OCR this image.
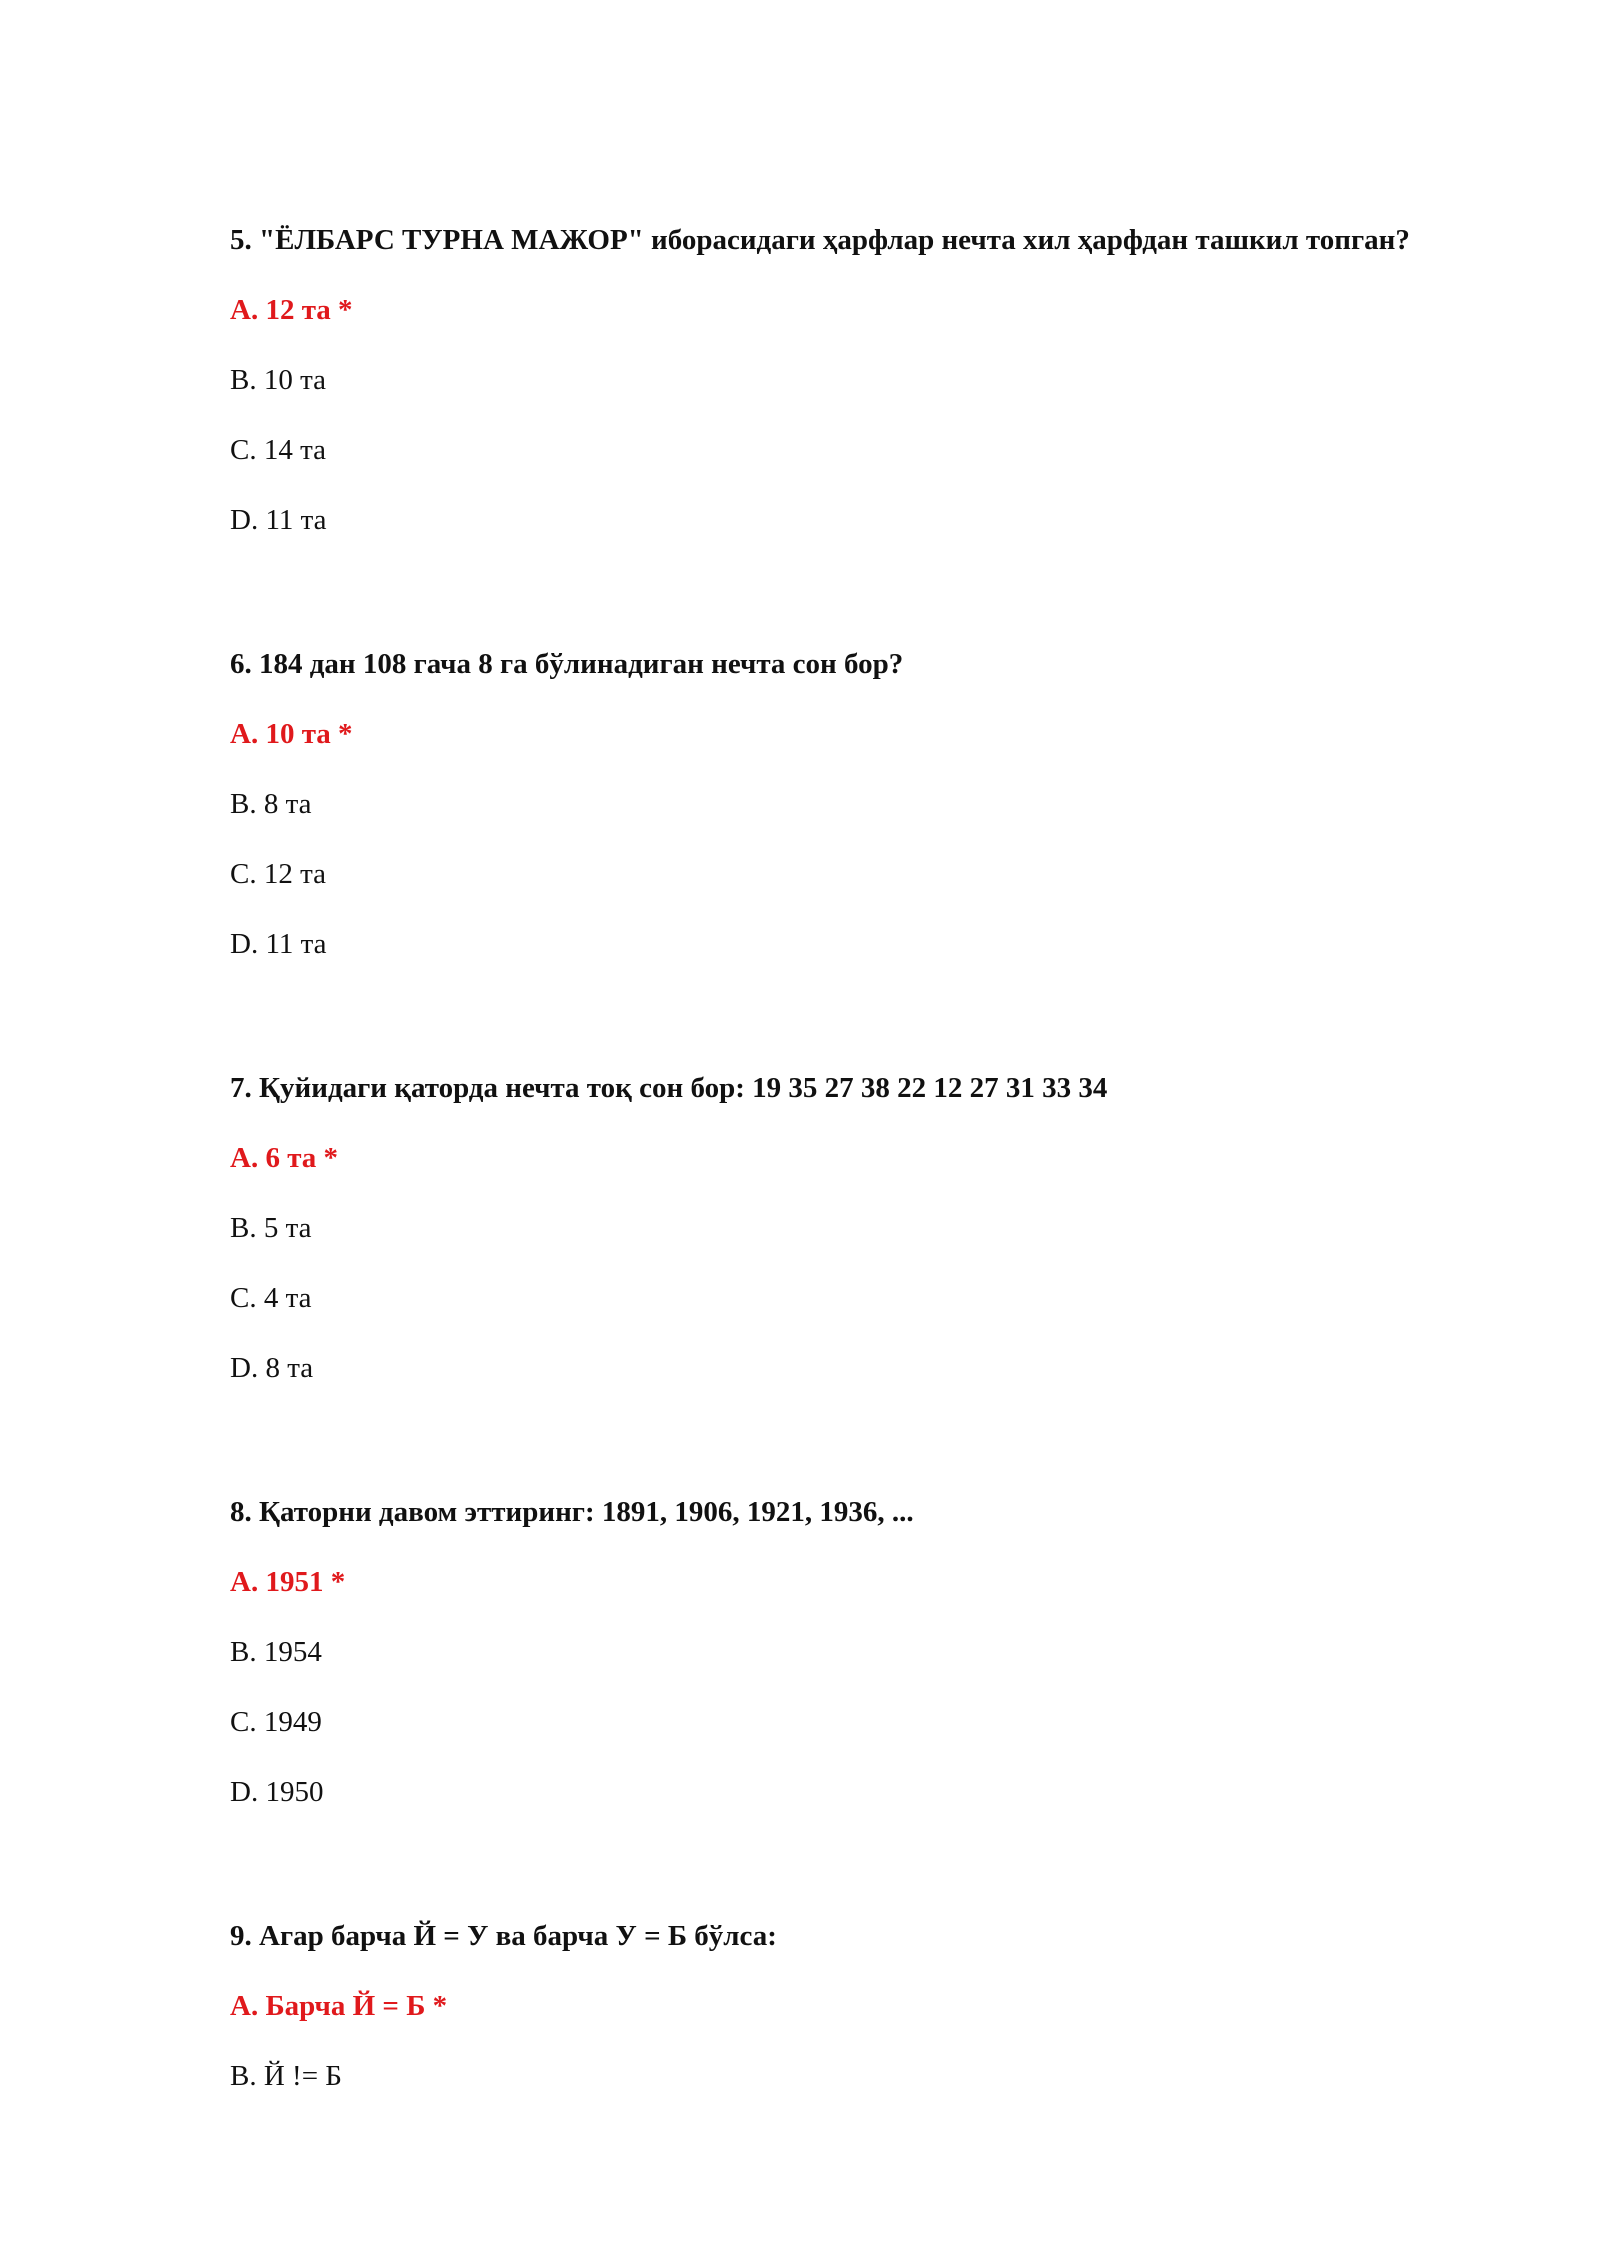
5. "ЁЛБАРС ТУРНА МАЖОР" иборасидаги ҳарфлар нечта хил ҳарфдан ташкил топган?

A. 12 та *

B. 10 та

C. 14 та

D. 11 та

6. 184 дан 108 гача 8 га бўлинадиган нечта сон бор?

A. 10 та *

B. 8 та

C. 12 та

D. 11 та

7. Қуйидаги қаторда нечта тоқ сон бор: 19 35 27 38 22 12 27 31 33 34

A. 6 та *

B. 5 та

C. 4 та

D. 8 та

8. Қаторни давом эттиринг: 1891, 1906, 1921, 1936, ...

A. 1951 *

B. 1954

C. 1949

D. 1950

9. Агар барча Й = У ва барча У = Б бўлса:

A. Барча Й = Б *

B. Й != Б
